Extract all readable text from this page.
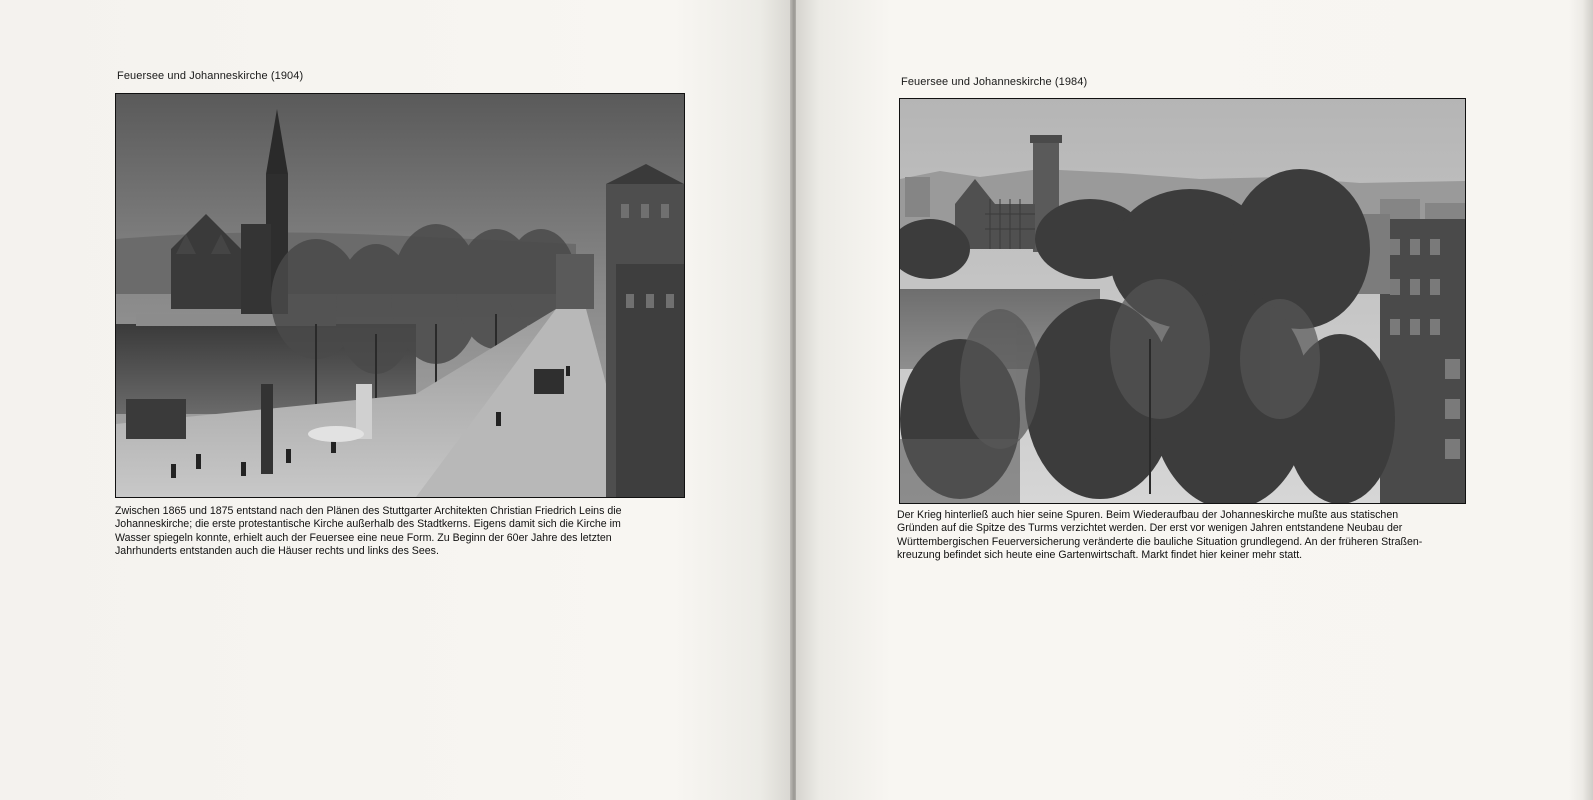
Feuersee und Johanneskirche (1904)
Zwischen 1865 und 1875 entstand nach den Plänen des Stuttgarter Architekten Christian Friedrich Leins die
Johanneskirche; die erste protestantische Kirche außerhalb des Stadtkerns. Eigens damit sich die Kirche im
Wasser spiegeln konnte, erhielt auch der Feuersee eine neue Form. Zu Beginn der 60er Jahre des letzten
Jahrhunderts entstanden auch die Häuser rechts und links des Sees.
Feuersee und Johanneskirche (1984)
Der Krieg hinterließ auch hier seine Spuren. Beim Wiederaufbau der Johanneskirche mußte aus statischen
Gründen auf die Spitze des Turms verzichtet werden. Der erst vor wenigen Jahren entstandene Neubau der
Württembergischen Feuerversicherung veränderte die bauliche Situation grundlegend. An der früheren Straßen-
kreuzung befindet sich heute eine Gartenwirtschaft. Markt findet hier keiner mehr statt.
